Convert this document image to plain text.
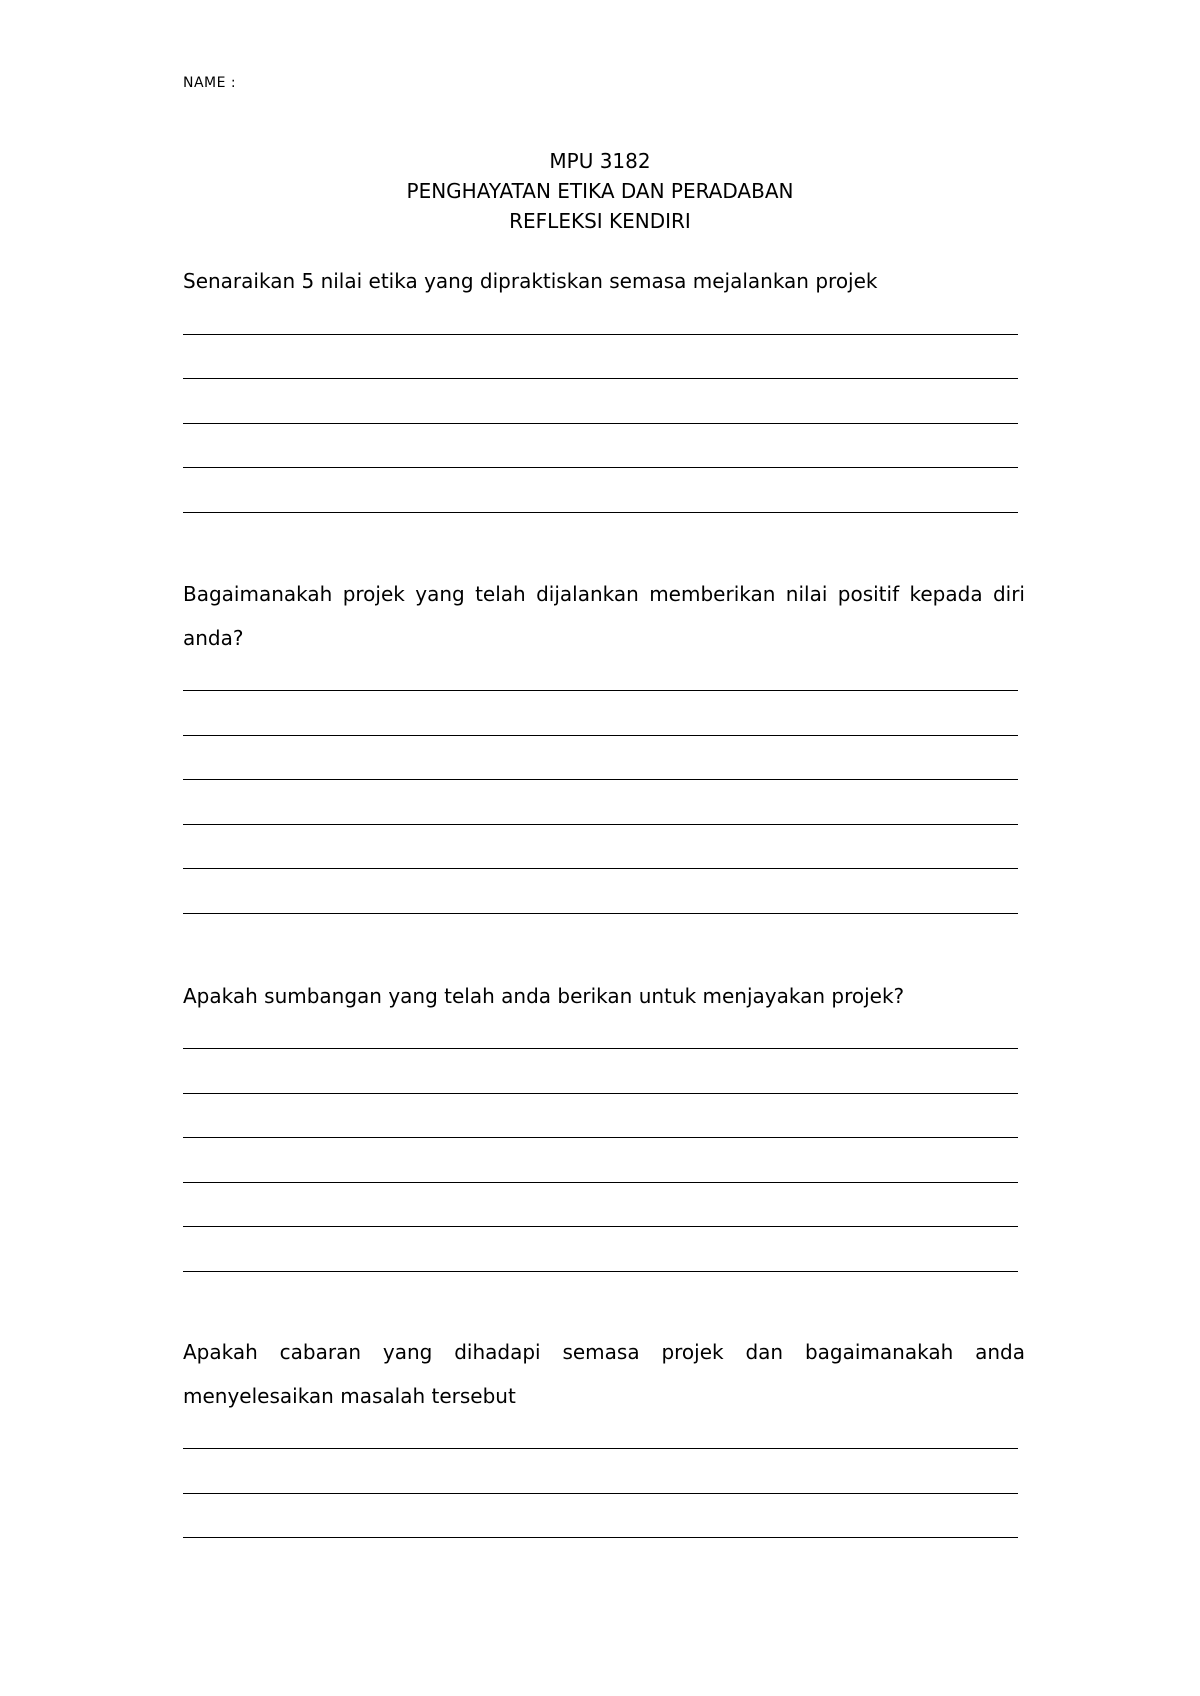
NAME :
MPU 3182
PENGHAYATAN ETIKA DAN PERADABAN
REFLEKSI KENDIRI
Senaraikan 5 nilai etika yang dipraktiskan semasa mejalankan projek
Bagaimanakah projek yang telah dijalankan memberikan nilai positif kepada diri anda?
Apakah sumbangan yang telah anda berikan untuk menjayakan projek?
Apakah cabaran yang dihadapi semasa projek dan bagaimanakah anda menyelesaikan masalah tersebut
